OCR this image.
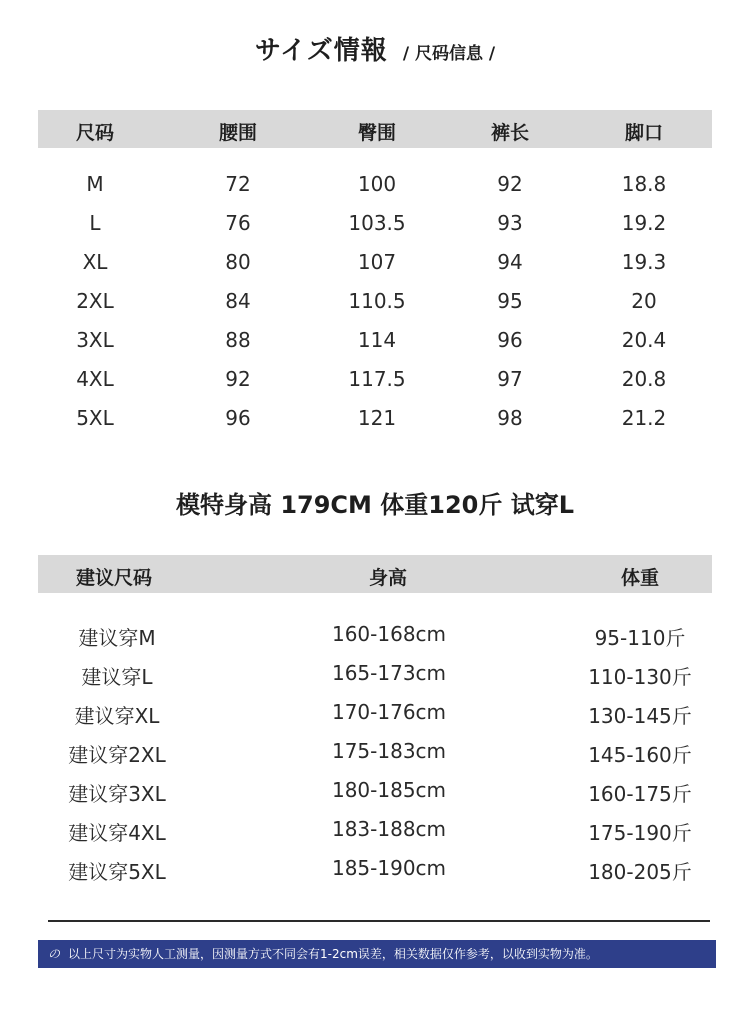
サイズ情報 / 尺码信息 /
尺码	腰围	臀围	裤长	脚口
M	72	100	92	18.8
L	76	103.5	93	19.2
XL	80	107	94	19.3
2XL	84	110.5	95	20
3XL	88	114	96	20.4
4XL	92	117.5	97	20.8
5XL	96	121	98	21.2
模特身高 179CM 体重120斤 试穿L
建议尺码	身高	体重
建议穿M	160-168cm	95-110斤
建议穿L	165-173cm	110-130斤
建议穿XL	170-176cm	130-145斤
建议穿2XL	175-183cm	145-160斤
建议穿3XL	180-185cm	160-175斤
建议穿4XL	183-188cm	175-190斤
建议穿5XL	185-190cm	180-205斤
の 以上尺寸为实物人工测量，因测量方式不同会有1-2cm误差，相关数据仅作参考，以收到实物为准。
